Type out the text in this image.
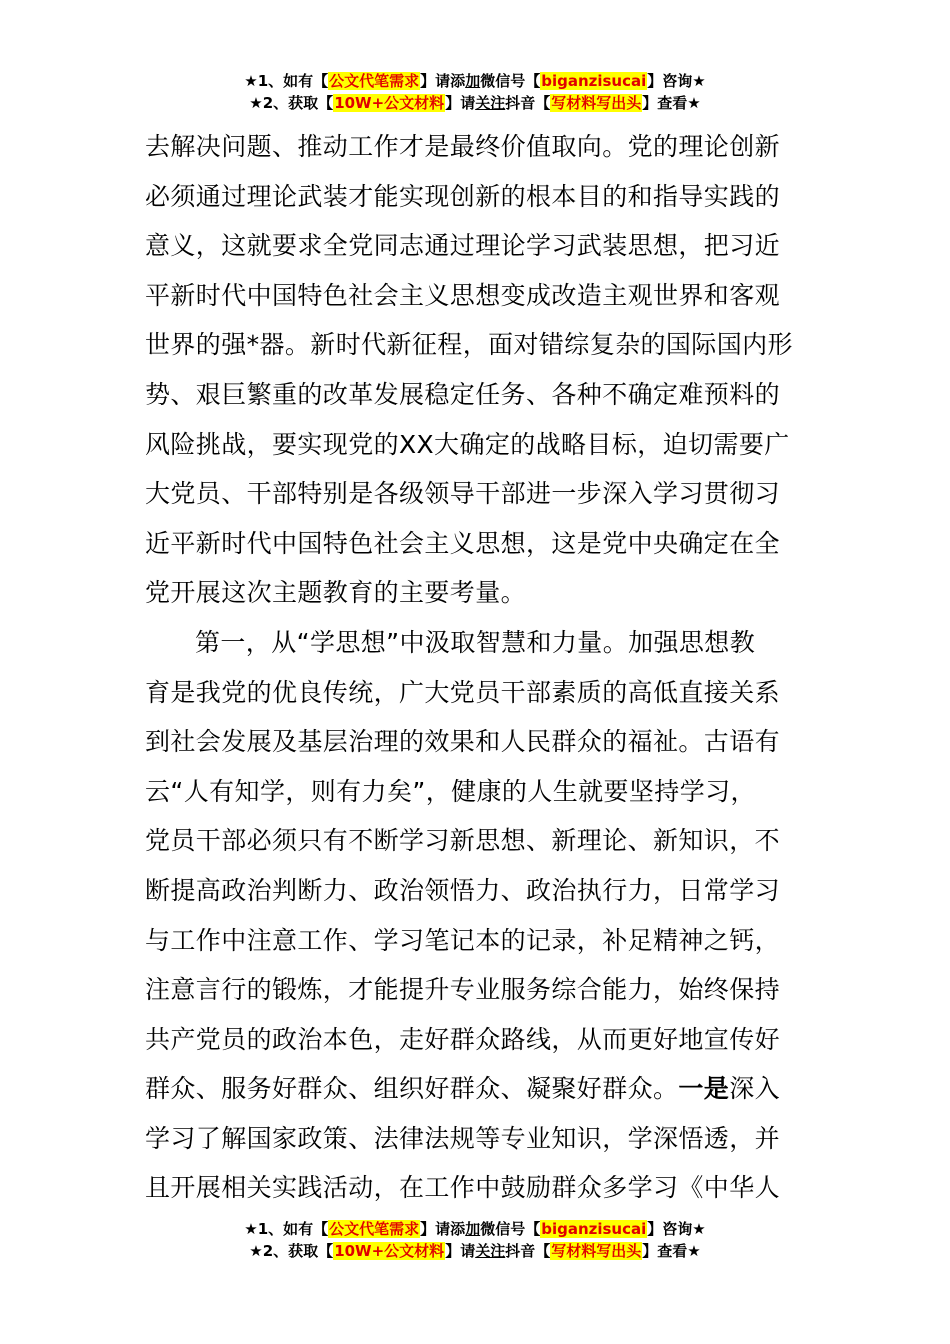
★1、如有【公文代笔需求】请添加微信号【biganzisucai】咨询★
★2、获取【10W+公文材料】请关注抖音【写材料写出头】查看★
去解决问题、推动工作才是最终价值取向。党的理论创新
必须通过理论武装才能实现创新的根本目的和指导实践的
意义，这就要求全党同志通过理论学习武装思想，把习近
平新时代中国特色社会主义思想变成改造主观世界和客观
世界的强*器。新时代新征程，面对错综复杂的国际国内形
势、艰巨繁重的改革发展稳定任务、各种不确定难预料的
风险挑战，要实现党的XX大确定的战略目标，迫切需要广
大党员、干部特别是各级领导干部进一步深入学习贯彻习
近平新时代中国特色社会主义思想，这是党中央确定在全
党开展这次主题教育的主要考量。
第一，从“学思想”中汲取智慧和力量。加强思想教
育是我党的优良传统，广大党员干部素质的高低直接关系
到社会发展及基层治理的效果和人民群众的福祉。古语有
云“人有知学，则有力矣”，健康的人生就要坚持学习，
党员干部必须只有不断学习新思想、新理论、新知识，不
断提高政治判断力、政治领悟力、政治执行力，日常学习
与工作中注意工作、学习笔记本的记录，补足精神之钙，
注意言行的锻炼，才能提升专业服务综合能力，始终保持
共产党员的政治本色，走好群众路线，从而更好地宣传好
群众、服务好群众、组织好群众、凝聚好群众。一是深入
学习了解国家政策、法律法规等专业知识，学深悟透，并
且开展相关实践活动，在工作中鼓励群众多学习《中华人
★1、如有【公文代笔需求】请添加微信号【biganzisucai】咨询★
★2、获取【10W+公文材料】请关注抖音【写材料写出头】查看★
